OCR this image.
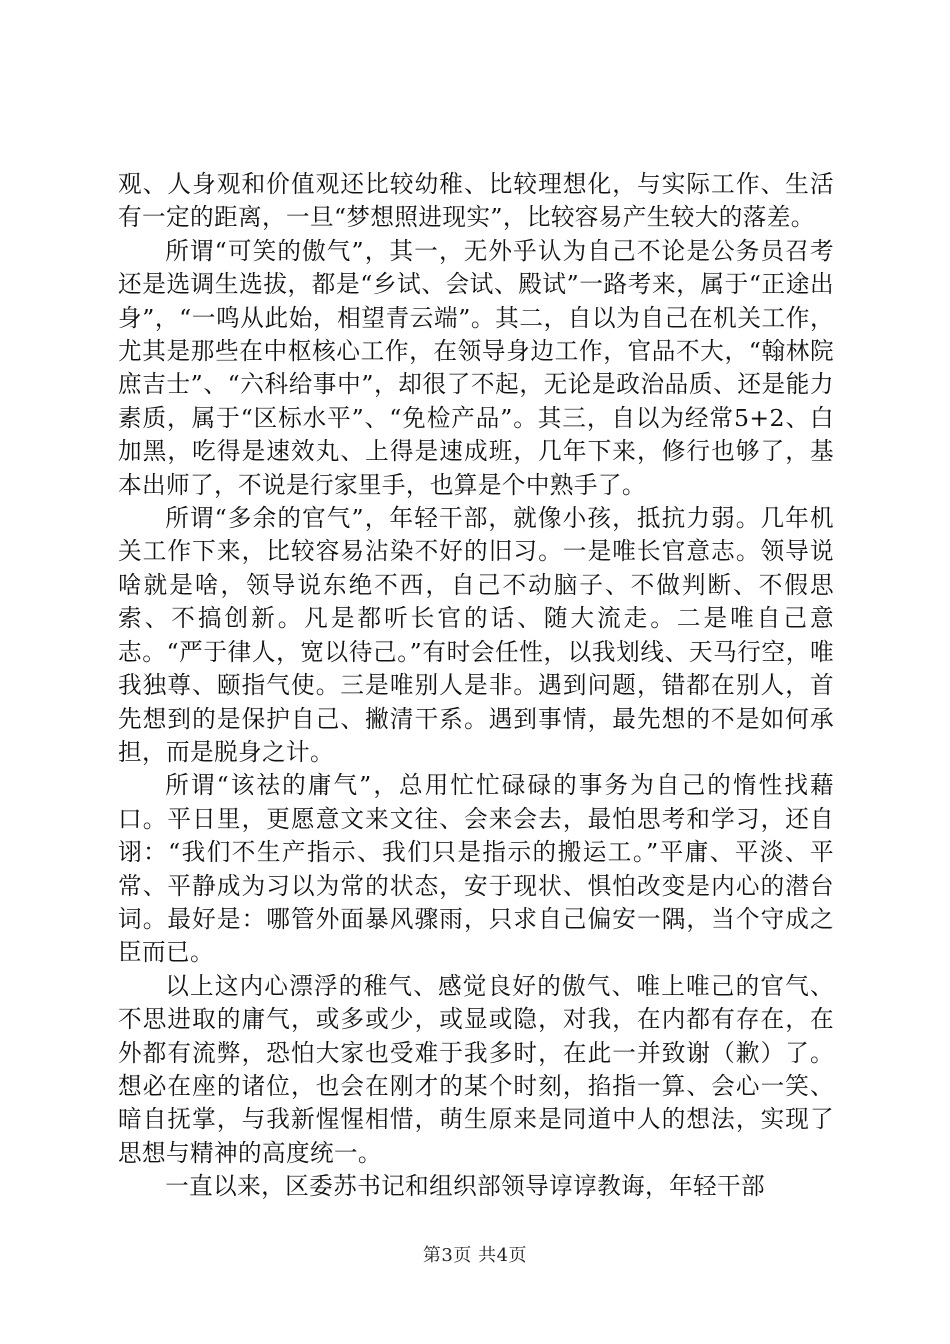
观、人身观和价值观还比较幼稚、比较理想化，与实际工作、生活有一定的距离，一旦“梦想照进现实”，比较容易产生较大的落差。

所谓“可笑的傲气”，其一，无外乎认为自己不论是公务员召考还是选调生选拔，都是“乡试、会试、殿试”一路考来，属于“正途出身”，“一鸣从此始，相望青云端”。其二，自以为自己在机关工作，尤其是那些在中枢核心工作，在领导身边工作，官品不大，“翰林院庶吉士”、“六科给事中”，却很了不起，无论是政治品质、还是能力素质，属于“区标水平”、“免检产品”。其三，自以为经常5+2、白加黑，吃得是速效丸、上得是速成班，几年下来，修行也够了，基本出师了，不说是行家里手，也算是个中熟手了。

所谓“多余的官气”，年轻干部，就像小孩，抵抗力弱。几年机关工作下来，比较容易沾染不好的旧习。一是唯长官意志。领导说啥就是啥，领导说东绝不西，自己不动脑子、不做判断、不假思索、不搞创新。凡是都听长官的话、随大流走。二是唯自己意志。“严于律人，宽以待己。”有时会任性，以我划线、天马行空，唯我独尊、颐指气使。三是唯别人是非。遇到问题，错都在别人，首先想到的是保护自己、撇清干系。遇到事情，最先想的不是如何承担，而是脱身之计。

所谓“该祛的庸气”，总用忙忙碌碌的事务为自己的惰性找藉口。平日里，更愿意文来文往、会来会去，最怕思考和学习，还自诩：“我们不生产指示、我们只是指示的搬运工。”平庸、平淡、平常、平静成为习以为常的状态，安于现状、惧怕改变是内心的潜台词。最好是：哪管外面暴风骤雨，只求自己偏安一隅，当个守成之臣而已。

以上这内心漂浮的稚气、感觉良好的傲气、唯上唯己的官气、不思进取的庸气，或多或少，或显或隐，对我，在内都有存在，在外都有流弊，恐怕大家也受难于我多时，在此一并致谢（歉）了。想必在座的诸位，也会在刚才的某个时刻，掐指一算、会心一笑、暗自抚掌，与我新惺惺相惜，萌生原来是同道中人的想法，实现了思想与精神的高度统一。

一直以来，区委苏书记和组织部领导谆谆教诲，年轻干部

第3页 共4页
